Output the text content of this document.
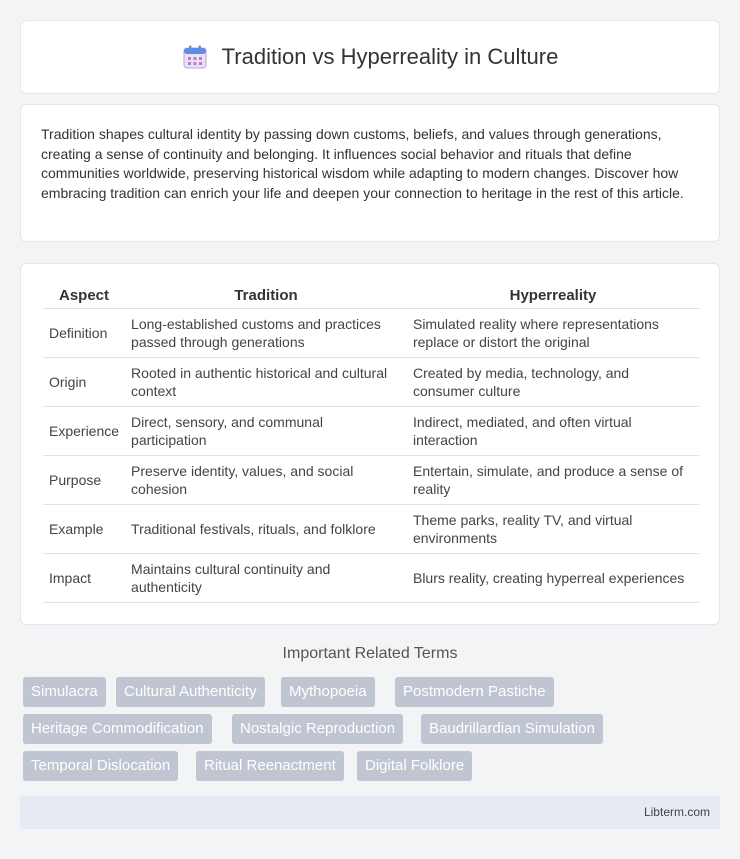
Tradition vs Hyperreality in Culture

Tradition shapes cultural identity by passing down customs, beliefs, and values through generations, creating a sense of continuity and belonging. It influences social behavior and rituals that define communities worldwide, preserving historical wisdom while adapting to modern changes. Discover how embracing tradition can enrich your life and deepen your connection to heritage in the rest of this article.

Aspect	Tradition	Hyperreality
Definition	Long-established customs and practices passed through generations	Simulated reality where representations replace or distort the original
Origin	Rooted in authentic historical and cultural context	Created by media, technology, and consumer culture
Experience	Direct, sensory, and communal participation	Indirect, mediated, and often virtual interaction
Purpose	Preserve identity, values, and social cohesion	Entertain, simulate, and produce a sense of reality
Example	Traditional festivals, rituals, and folklore	Theme parks, reality TV, and virtual environments
Impact	Maintains cultural continuity and authenticity	Blurs reality, creating hyperreal experiences
Important Related Terms
Simulacra	Cultural Authenticity	Mythopoeia	Postmodern Pastiche
Heritage Commodification	Nostalgic Reproduction	Baudrillardian Simulation
Temporal Dislocation	Ritual Reenactment	Digital Folklore
Libterm.com
